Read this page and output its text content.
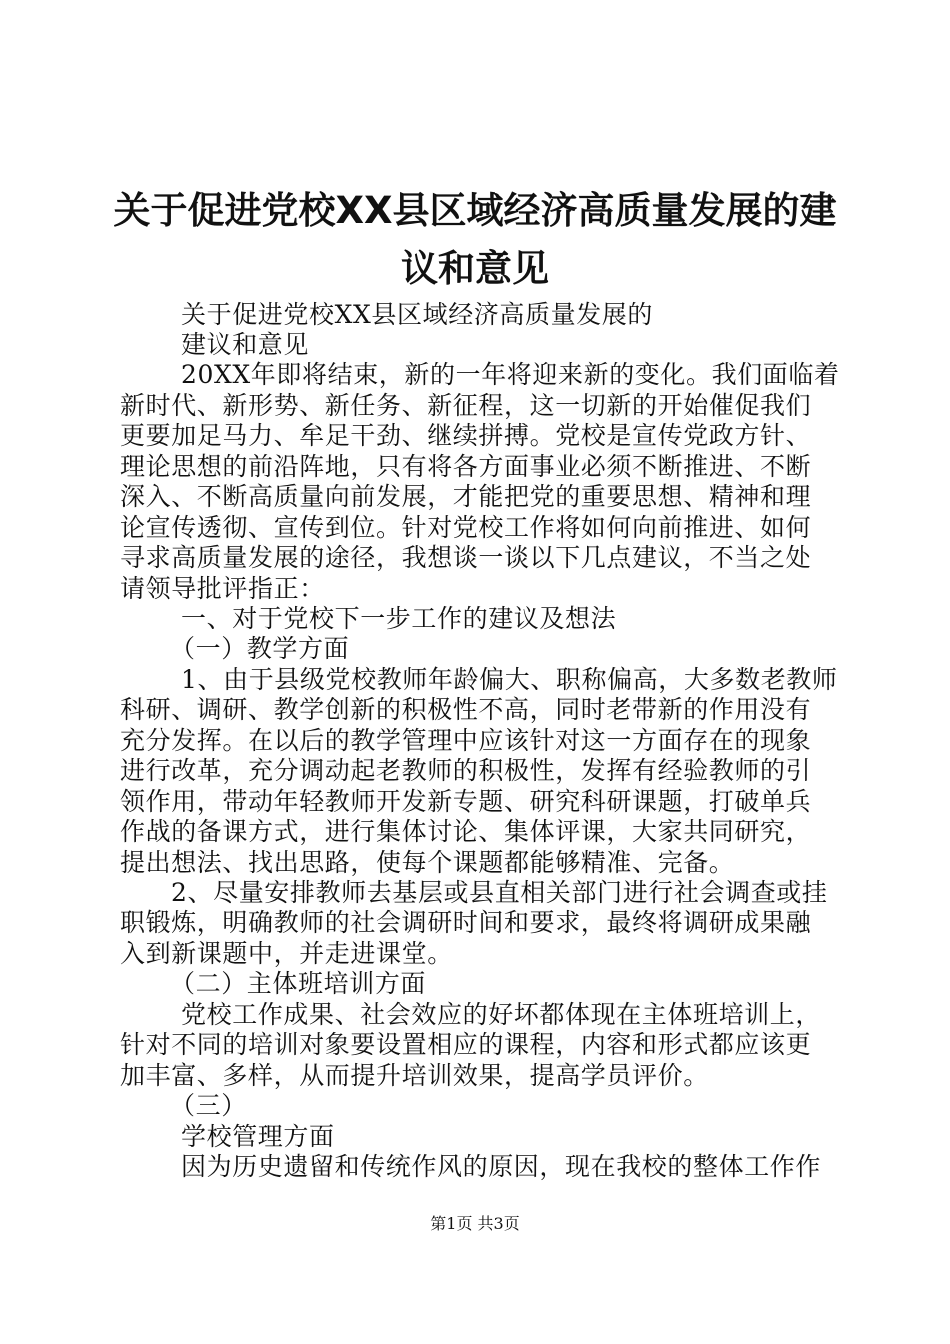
关于促进党校XX县区域经济高质量发展的建
议和意见
关于促进党校XX县区域经济高质量发展的
建议和意见
20XX年即将结束，新的一年将迎来新的变化。我们面临着
新时代、新形势、新任务、新征程，这一切新的开始催促我们
更要加足马力、牟足干劲、继续拼搏。党校是宣传党政方针、
理论思想的前沿阵地，只有将各方面事业必须不断推进、不断
深入、不断高质量向前发展，才能把党的重要思想、精神和理
论宣传透彻、宣传到位。针对党校工作将如何向前推进、如何
寻求高质量发展的途径，我想谈一谈以下几点建议，不当之处
请领导批评指正：
一、对于党校下一步工作的建议及想法
（一）教学方面
1、由于县级党校教师年龄偏大、职称偏高，大多数老教师
科研、调研、教学创新的积极性不高，同时老带新的作用没有
充分发挥。在以后的教学管理中应该针对这一方面存在的现象
进行改革，充分调动起老教师的积极性，发挥有经验教师的引
领作用，带动年轻教师开发新专题、研究科研课题，打破单兵
作战的备课方式，进行集体讨论、集体评课，大家共同研究，
提出想法、找出思路，使每个课题都能够精准、完备。
2、尽量安排教师去基层或县直相关部门进行社会调查或挂
职锻炼，明确教师的社会调研时间和要求，最终将调研成果融
入到新课题中，并走进课堂。
（二）主体班培训方面
党校工作成果、社会效应的好坏都体现在主体班培训上，
针对不同的培训对象要设置相应的课程，内容和形式都应该更
加丰富、多样，从而提升培训效果，提高学员评价。
（三）
学校管理方面
因为历史遗留和传统作风的原因，现在我校的整体工作作
第1页 共3页
